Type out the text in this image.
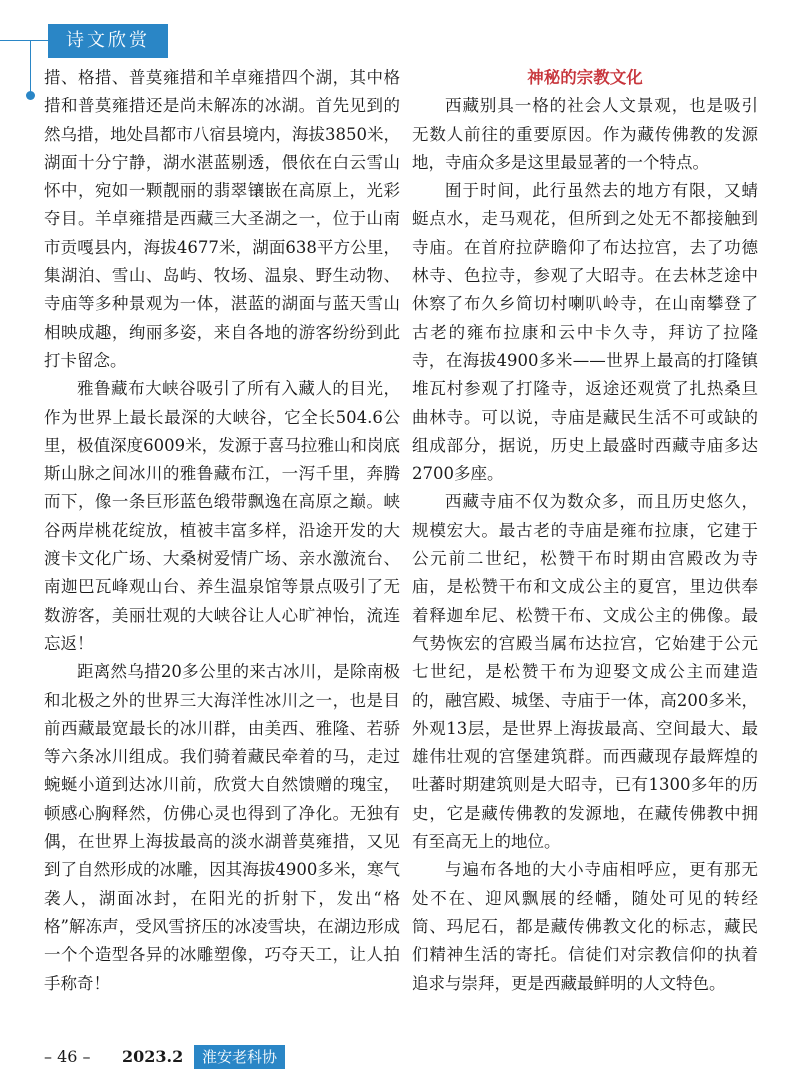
诗文欣赏

措、格措、普莫雍措和羊卓雍措四个湖，其中格措和普莫雍措还是尚未解冻的冰湖。首先见到的然乌措，地处昌都市八宿县境内，海拔3850米，湖面十分宁静，湖水湛蓝剔透，偎依在白云雪山怀中，宛如一颗靓丽的翡翠镶嵌在高原上，光彩夺目。羊卓雍措是西藏三大圣湖之一，位于山南市贡嘎县内，海拔4677米，湖面638平方公里，集湖泊、雪山、岛屿、牧场、温泉、野生动物、寺庙等多种景观为一体，湛蓝的湖面与蓝天雪山相映成趣，绚丽多姿，来自各地的游客纷纷到此打卡留念。

雅鲁藏布大峡谷吸引了所有入藏人的目光，作为世界上最长最深的大峡谷，它全长504.6公里，极值深度6009米，发源于喜马拉雅山和岗底斯山脉之间冰川的雅鲁藏布江，一泻千里，奔腾而下，像一条巨形蓝色缎带飘逸在高原之巅。峡谷两岸桃花绽放，植被丰富多样，沿途开发的大渡卡文化广场、大桑树爱情广场、亲水激流台、南迦巴瓦峰观山台、养生温泉馆等景点吸引了无数游客，美丽壮观的大峡谷让人心旷神怡，流连忘返！

距离然乌措20多公里的来古冰川，是除南极和北极之外的世界三大海洋性冰川之一，也是目前西藏最宽最长的冰川群，由美西、雅隆、若骄等六条冰川组成。我们骑着藏民牵着的马，走过蜿蜒小道到达冰川前，欣赏大自然馈赠的瑰宝，顿感心胸释然，仿佛心灵也得到了净化。无独有偶，在世界上海拔最高的淡水湖普莫雍措，又见到了自然形成的冰雕，因其海拔4900多米，寒气袭人，湖面冰封，在阳光的折射下，发出“格格”解冻声，受风雪挤压的冰凌雪块，在湖边形成一个个造型各异的冰雕塑像，巧夺天工，让人拍手称奇！

神秘的宗教文化

西藏别具一格的社会人文景观，也是吸引无数人前往的重要原因。作为藏传佛教的发源地，寺庙众多是这里最显著的一个特点。

囿于时间，此行虽然去的地方有限，又蜻蜓点水，走马观花，但所到之处无不都接触到寺庙。在首府拉萨瞻仰了布达拉宫，去了功德林寺、色拉寺，参观了大昭寺。在去林芝途中休察了布久乡简切村喇叭岭寺，在山南攀登了古老的雍布拉康和云中卡久寺，拜访了拉隆寺，在海拔4900多米——世界上最高的打隆镇堆瓦村参观了打隆寺，返途还观赏了扎热桑旦曲林寺。可以说，寺庙是藏民生活不可或缺的组成部分，据说，历史上最盛时西藏寺庙多达2700多座。

西藏寺庙不仅为数众多，而且历史悠久，规模宏大。最古老的寺庙是雍布拉康，它建于公元前二世纪，松赞干布时期由宫殿改为寺庙，是松赞干布和文成公主的夏宫，里边供奉着释迦牟尼、松赞干布、文成公主的佛像。最气势恢宏的宫殿当属布达拉宫，它始建于公元七世纪，是松赞干布为迎娶文成公主而建造的，融宫殿、城堡、寺庙于一体，高200多米，外观13层，是世界上海拔最高、空间最大、最雄伟壮观的宫堡建筑群。而西藏现存最辉煌的吐蕃时期建筑则是大昭寺，已有1300多年的历史，它是藏传佛教的发源地，在藏传佛教中拥有至高无上的地位。

与遍布各地的大小寺庙相呼应，更有那无处不在、迎风飘展的经幡，随处可见的转经筒、玛尼石，都是藏传佛教文化的标志，藏民们精神生活的寄托。信徒们对宗教信仰的执着追求与崇拜，更是西藏最鲜明的人文特色。

– 46 – 2023.2	淮安老科协
